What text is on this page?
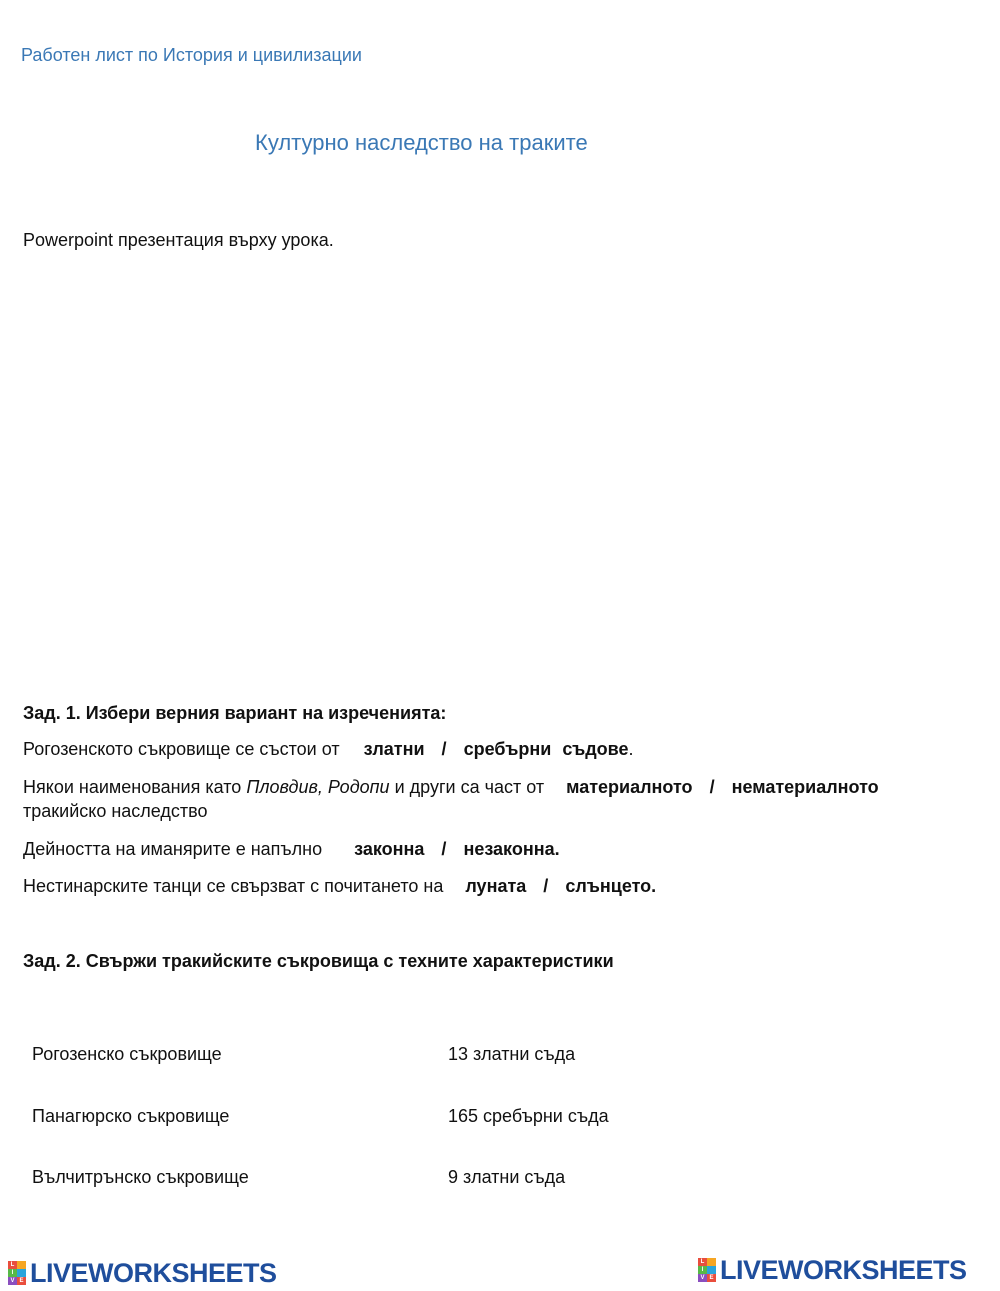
Работен лист по История и цивилизации
Културно наследство на траките
Powerpoint презентация върху урока.
Зад. 1. Избери верния вариант на изреченията:
Рогозенското съкровище се състои от златни / сребърни съдове.
Някои наименования като Пловдив, Родопи и други са част от материалното / нематериалното
тракийско наследство
Дейността на иманярите е напълно законна / незаконна.
Нестинарските танци се свързват с почитането на луната / слънцето.
Зад. 2. Свържи тракийските съкровища с техните характеристики
Рогозенско съкровище
Панагюрско съкровище
Вълчитрънско съкровище
13 златни съда
165 сребърни съда
9 златни съда
L
I
V E LIVEWORKSHEETS	L
I
V E LIVEWORKSHEETS
